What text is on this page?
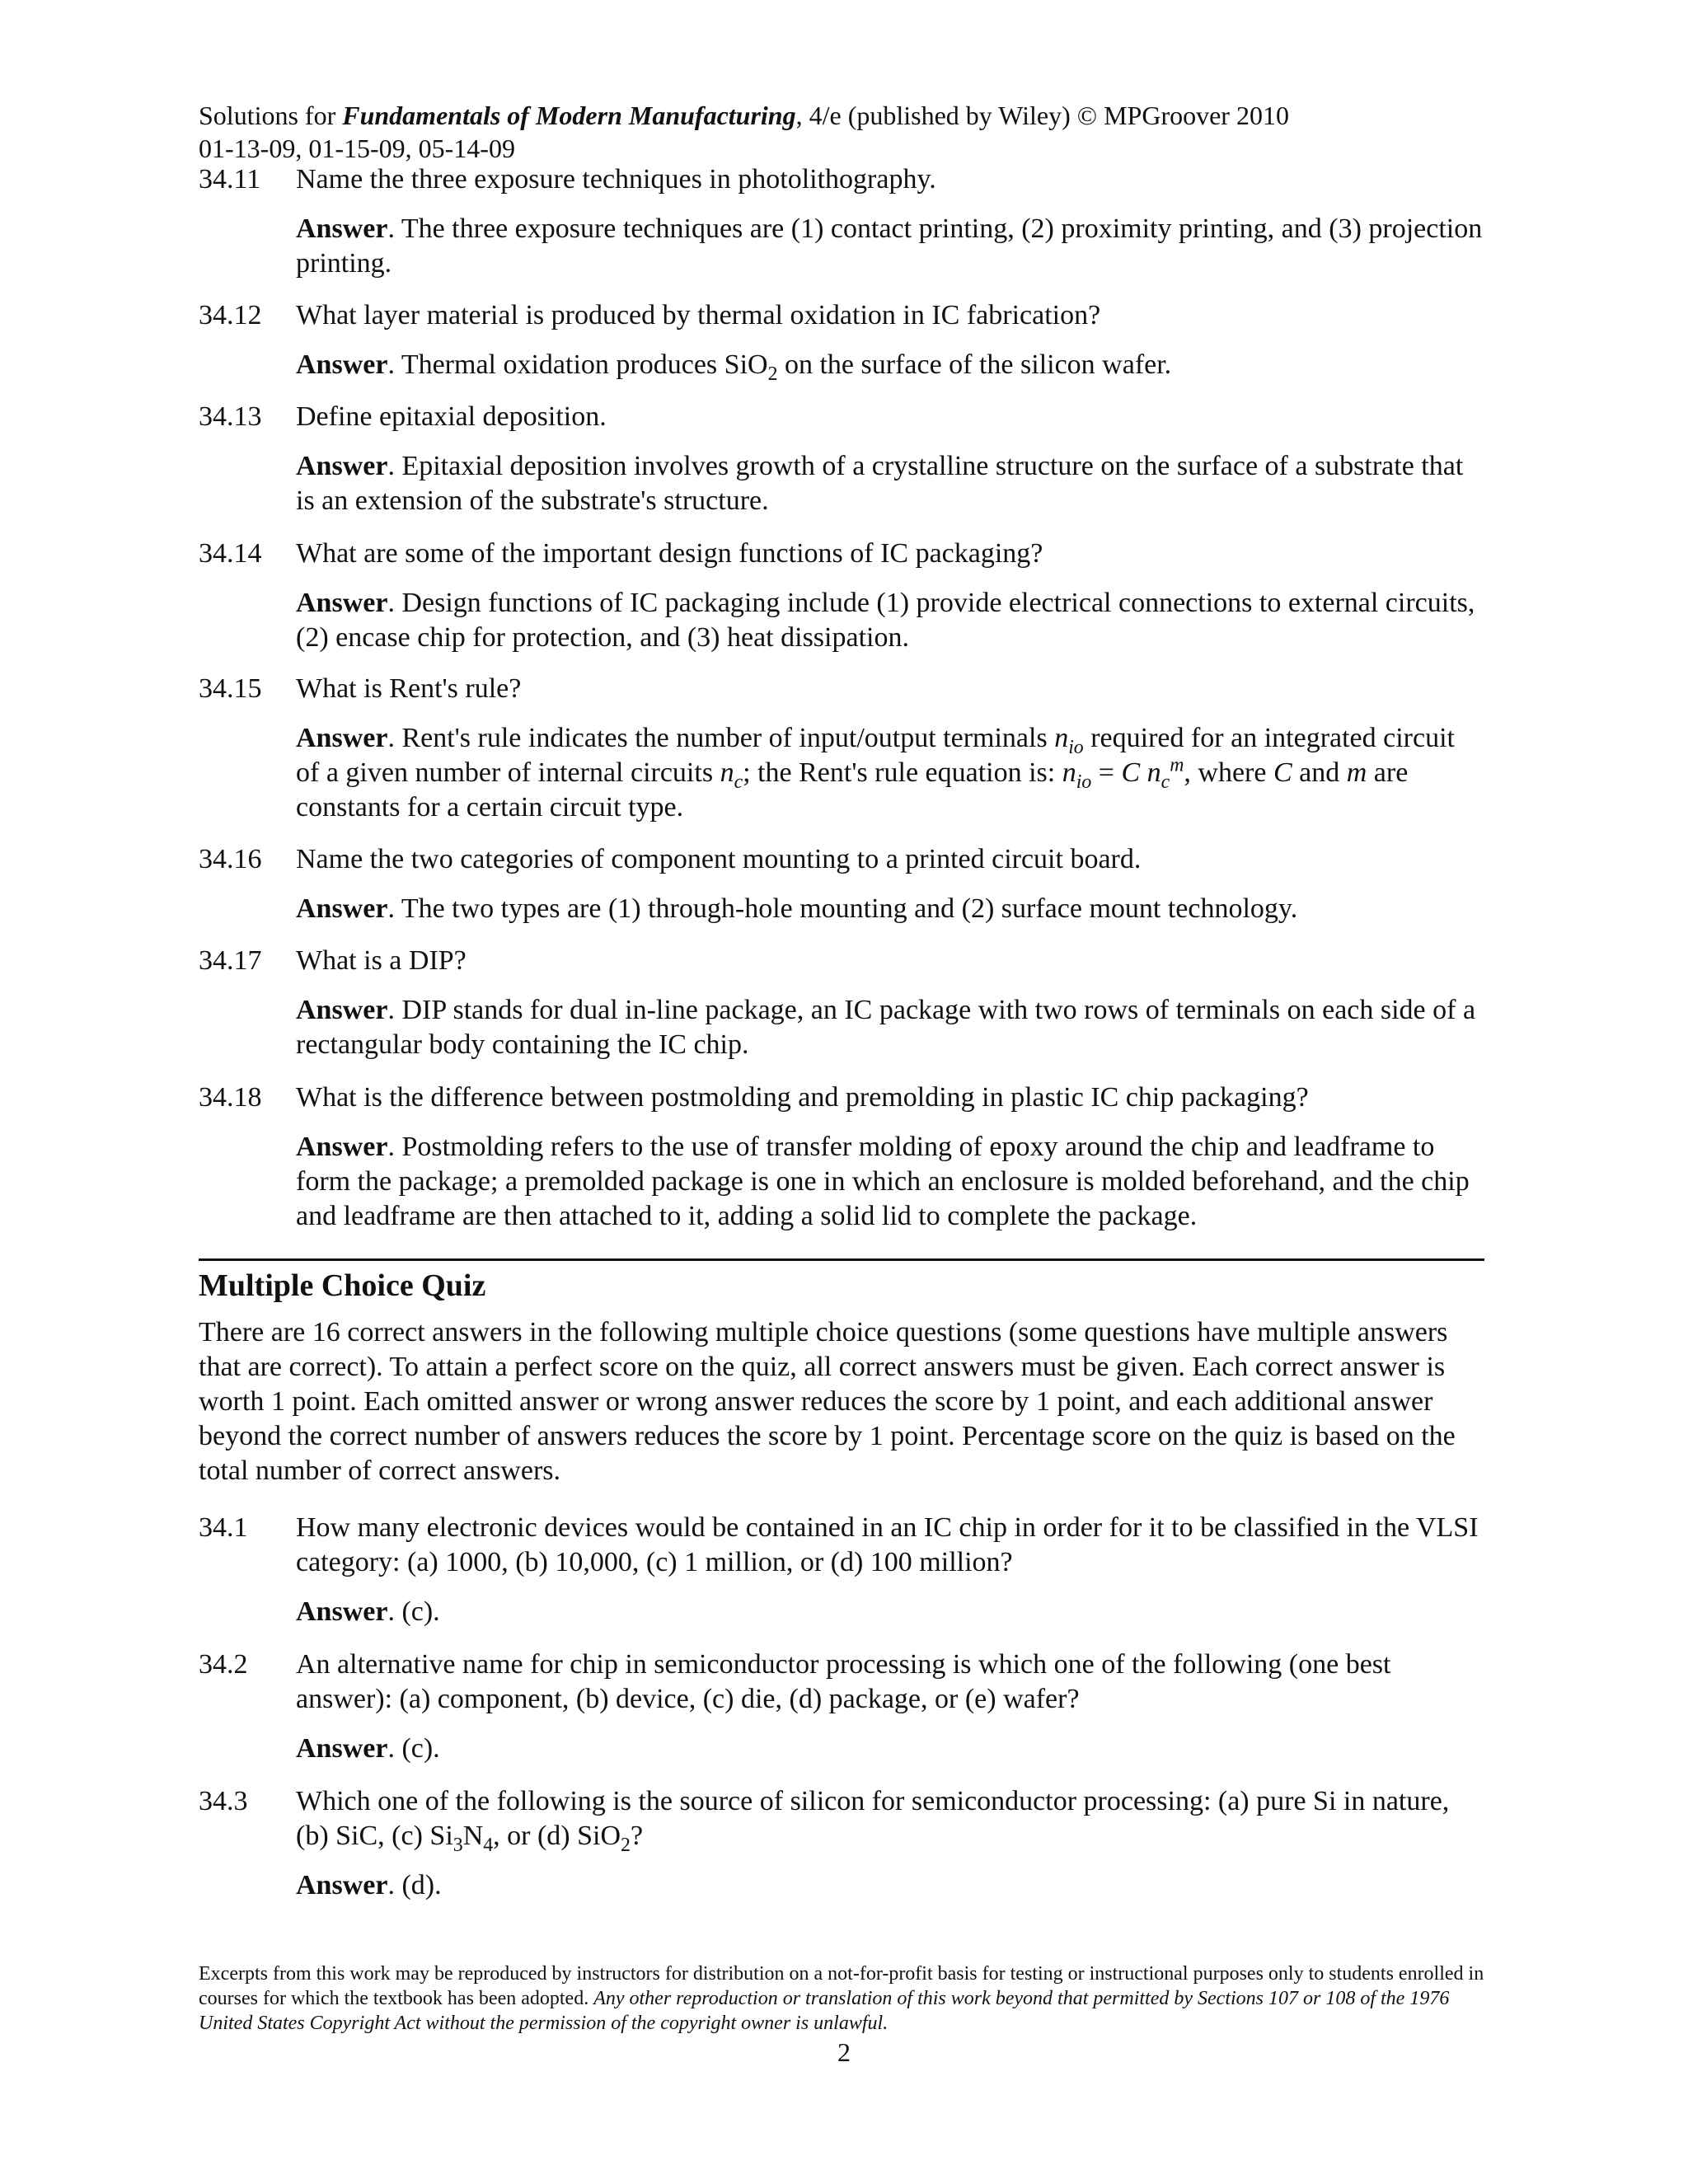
Solutions for Fundamentals of Modern Manufacturing, 4/e (published by Wiley) © MPGroover 2010
01-13-09, 01-15-09, 05-14-09
34.11	Name the three exposure techniques in photolithography.
Answer. The three exposure techniques are (1) contact printing, (2) proximity printing, and (3) projection printing.
34.12	What layer material is produced by thermal oxidation in IC fabrication?
Answer. Thermal oxidation produces SiO$_2$ on the surface of the silicon wafer.
34.13	Define epitaxial deposition.
Answer. Epitaxial deposition involves growth of a crystalline structure on the surface of a substrate that is an extension of the substrate's structure.
34.14	What are some of the important design functions of IC packaging?
Answer. Design functions of IC packaging include (1) provide electrical connections to external circuits, (2) encase chip for protection, and (3) heat dissipation.
34.15	What is Rent's rule?
Answer. Rent's rule indicates the number of input/output terminals $n_{io}$ required for an integrated circuit of a given number of internal circuits $n_c$; the Rent's rule equation is: $n_{io} = C$ $n_c^m$, where C and m are constants for a certain circuit type.
34.16	Name the two categories of component mounting to a printed circuit board.
Answer. The two types are (1) through-hole mounting and (2) surface mount technology.
34.17	What is a DIP?
Answer. DIP stands for dual in-line package, an IC package with two rows of terminals on each side of a rectangular body containing the IC chip.
34.18	What is the difference between postmolding and premolding in plastic IC chip packaging?
Answer. Postmolding refers to the use of transfer molding of epoxy around the chip and leadframe to form the package; a premolded package is one in which an enclosure is molded beforehand, and the chip and leadframe are then attached to it, adding a solid lid to complete the package.
Multiple Choice Quiz
There are 16 correct answers in the following multiple choice questions (some questions have multiple answers that are correct). To attain a perfect score on the quiz, all correct answers must be given. Each correct answer is worth 1 point. Each omitted answer or wrong answer reduces the score by 1 point, and each additional answer beyond the correct number of answers reduces the score by 1 point. Percentage score on the quiz is based on the total number of correct answers.
34.1	How many electronic devices would be contained in an IC chip in order for it to be classified in the VLSI category: (a) 1000, (b) 10,000, (c) 1 million, or (d) 100 million?
Answer. (c).
34.2	An alternative name for chip in semiconductor processing is which one of the following (one best answer): (a) component, (b) device, (c) die, (d) package, or (e) wafer?
Answer. (c).
34.3	Which one of the following is the source of silicon for semiconductor processing: (a) pure Si in nature, (b) SiC, (c) $Si_3N_4$, or (d) SiO$_2$?
Answer. (d).
Excerpts from this work may be reproduced by instructors for distribution on a not-for-profit basis for testing or instructional purposes only to students enrolled in courses for which the textbook has been adopted. Any other reproduction or translation of this work beyond that permitted by Sections 107 or 108 of the 1976 United States Copyright Act without the permission of the copyright owner is unlawful.
2
